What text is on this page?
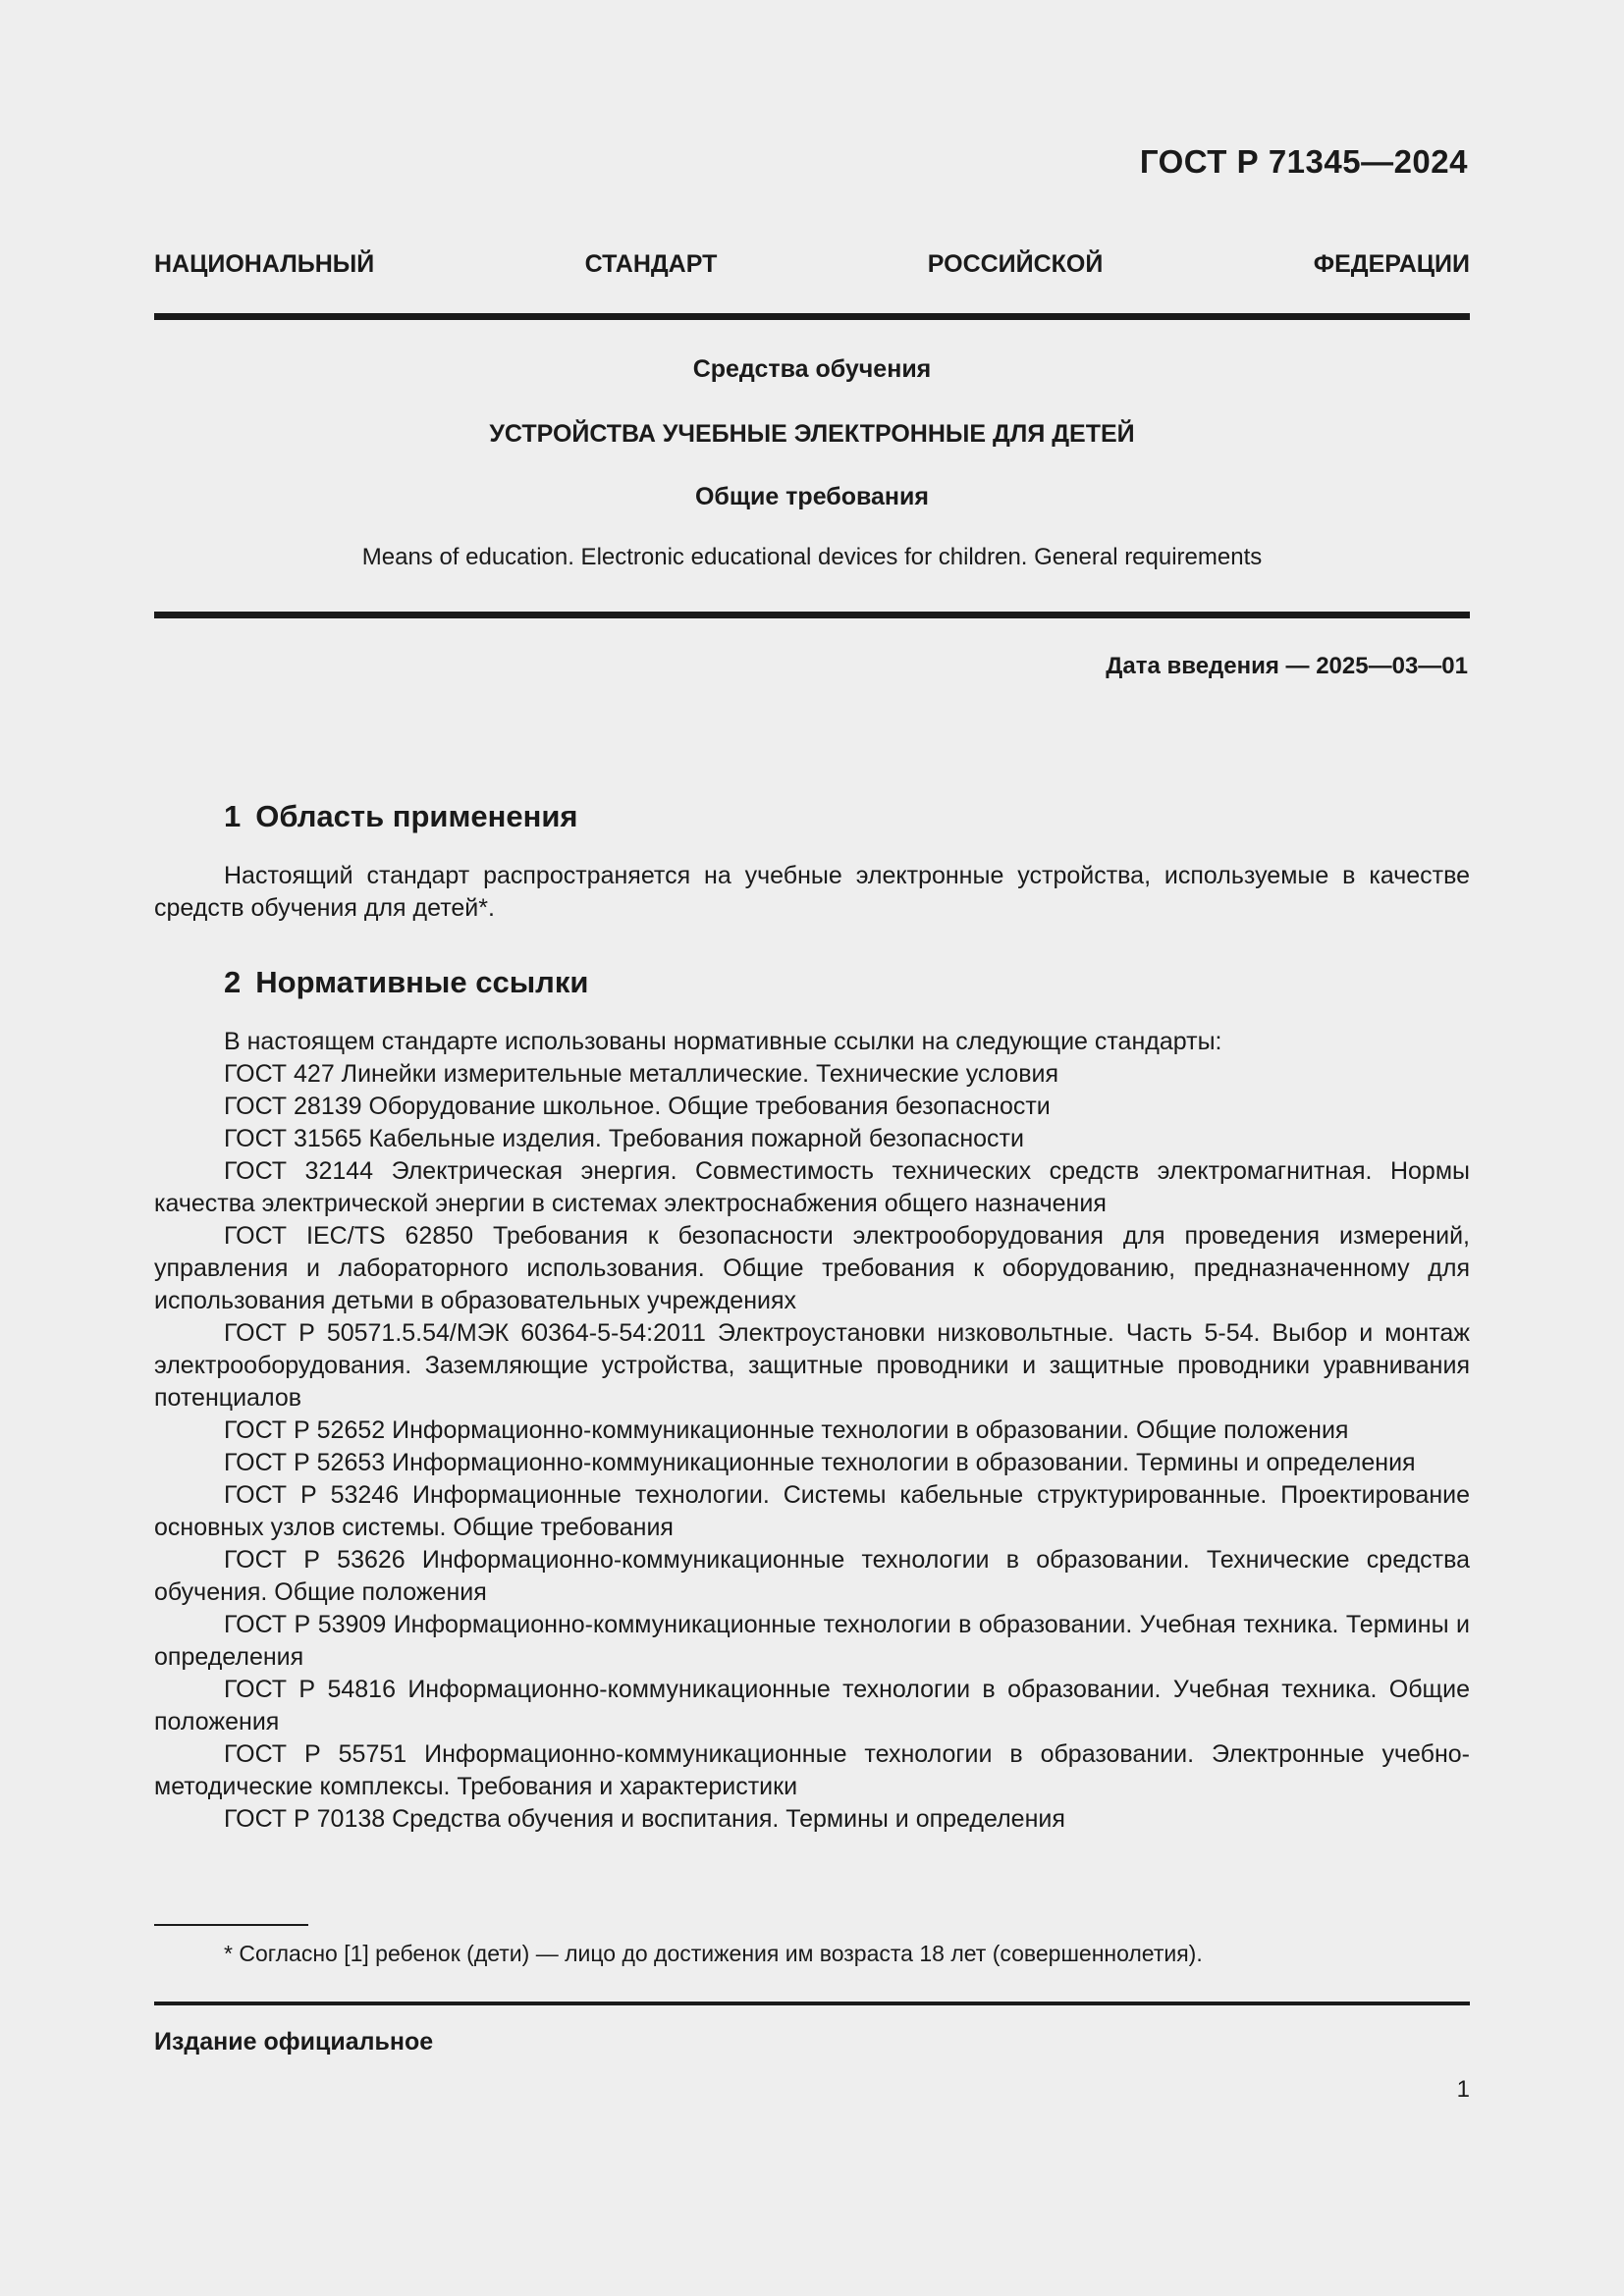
ГОСТ Р 71345—2024
НАЦИОНАЛЬНЫЙ СТАНДАРТ РОССИЙСКОЙ ФЕДЕРАЦИИ
Средства обучения
УСТРОЙСТВА УЧЕБНЫЕ ЭЛЕКТРОННЫЕ ДЛЯ ДЕТЕЙ
Общие требования
Means of education. Electronic educational devices for children. General requirements
Дата введения — 2025—03—01
1 Область применения

Настоящий стандарт распространяется на учебные электронные устройства, используемые в качестве средств обучения для детей*.

2 Нормативные ссылки

В настоящем стандарте использованы нормативные ссылки на следующие стандарты:

ГОСТ 427 Линейки измерительные металлические. Технические условия

ГОСТ 28139 Оборудование школьное. Общие требования безопасности

ГОСТ 31565 Кабельные изделия. Требования пожарной безопасности

ГОСТ 32144 Электрическая энергия. Совместимость технических средств электромагнитная. Нормы качества электрической энергии в системах электроснабжения общего назначения

ГОСТ IEC/TS 62850 Требования к безопасности электрооборудования для проведения измерений, управления и лабораторного использования. Общие требования к оборудованию, предназначенному для использования детьми в образовательных учреждениях

ГОСТ Р 50571.5.54/МЭК 60364-5-54:2011 Электроустановки низковольтные. Часть 5-54. Выбор и монтаж электрооборудования. Заземляющие устройства, защитные проводники и защитные проводники уравнивания потенциалов

ГОСТ Р 52652 Информационно-коммуникационные технологии в образовании. Общие положения

ГОСТ Р 52653 Информационно-коммуникационные технологии в образовании. Термины и определения

ГОСТ Р 53246 Информационные технологии. Системы кабельные структурированные. Проектирование основных узлов системы. Общие требования

ГОСТ Р 53626 Информационно-коммуникационные технологии в образовании. Технические средства обучения. Общие положения

ГОСТ Р 53909 Информационно-коммуникационные технологии в образовании. Учебная техника. Термины и определения

ГОСТ Р 54816 Информационно-коммуникационные технологии в образовании. Учебная техника. Общие положения

ГОСТ Р 55751 Информационно-коммуникационные технологии в образовании. Электронные учебно-методические комплексы. Требования и характеристики

ГОСТ Р 70138 Средства обучения и воспитания. Термины и определения

* Согласно [1] ребенок (дети) — лицо до достижения им возраста 18 лет (совершеннолетия).
Издание официальное
1
